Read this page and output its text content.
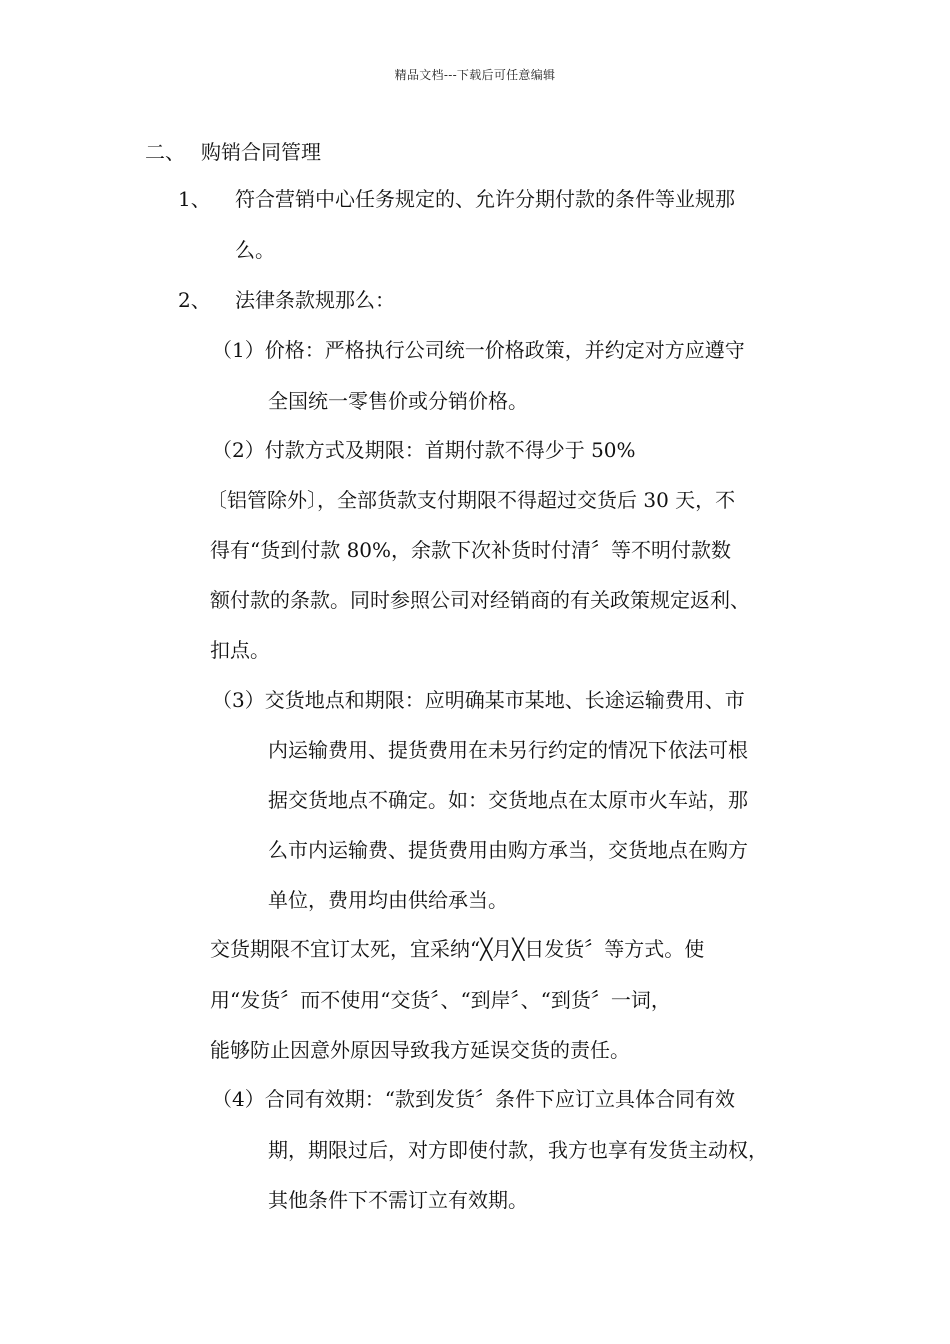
精品文档---下载后可任意编辑
二、 购销合同管理
1、 符合营销中心任务规定的、允许分期付款的条件等业规那
么。
2、 法律条款规那么：
（1）价格：严格执行公司统一价格政策，并约定对方应遵守
全国统一零售价或分销价格。
（2）付款方式及期限：首期付款不得少于 50%
〔铝管除外〕，全部货款支付期限不得超过交货后 30 天，不
得有“货到付款 80%，余款下次补货时付清〞等不明付款数
额付款的条款。同时参照公司对经销商的有关政策规定返利、
扣点。
（3）交货地点和期限：应明确某市某地、长途运输费用、市
内运输费用、提货费用在未另行约定的情况下依法可根
据交货地点不确定。如：交货地点在太原市火车站，那
么市内运输费、提货费用由购方承当，交货地点在购方
单位，费用均由供给承当。
交货期限不宜订太死，宜采纳“╳月╳日发货〞等方式。使
用“发货〞而不使用“交货〞、“到岸〞、“到货〞一词，
能够防止因意外原因导致我方延误交货的责任。
（4）合同有效期：“款到发货〞条件下应订立具体合同有效
期，期限过后，对方即使付款，我方也享有发货主动权，
其他条件下不需订立有效期。
